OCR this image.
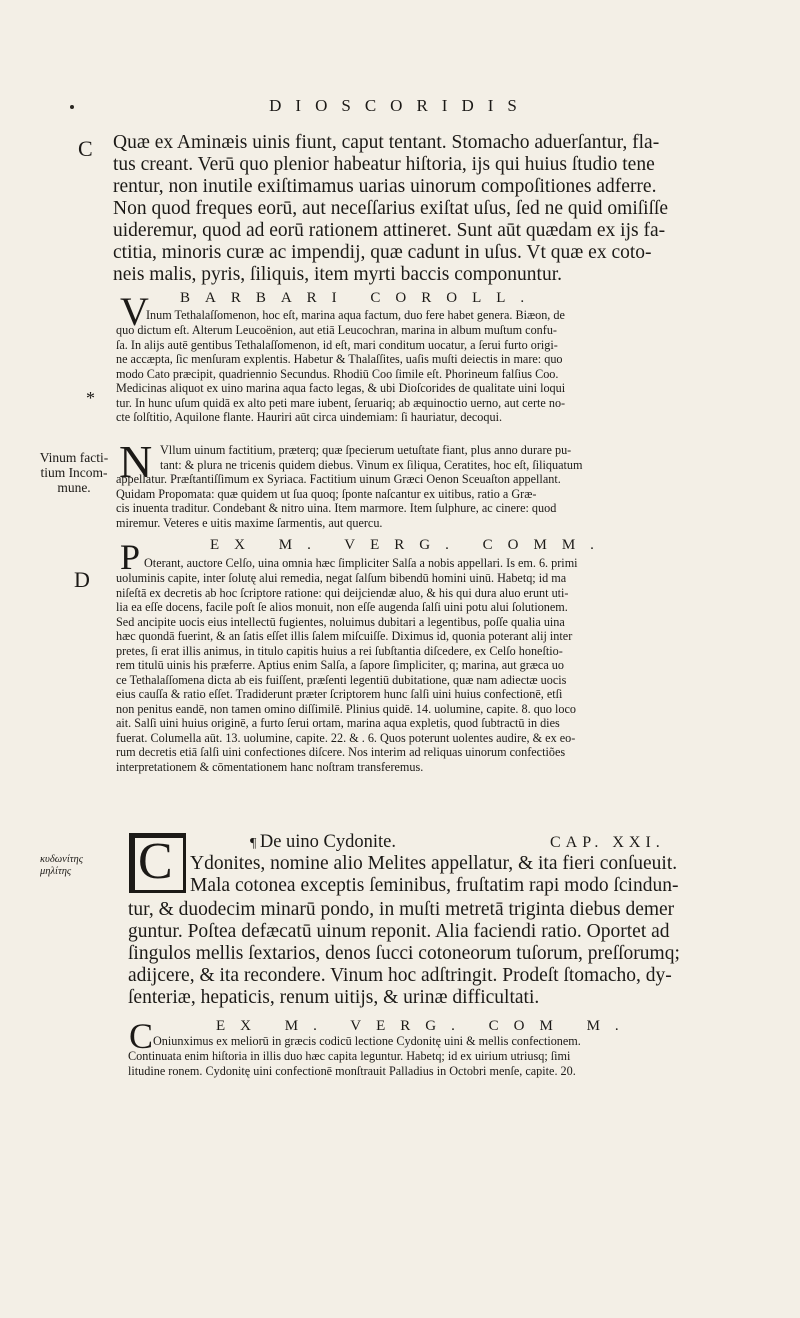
DIOSCORIDIS
C Quæ ex Aminæis uinis fiunt, caput tentant. Stomacho aduerſantur, fla-
tus creant. Verū quo plenior habeatur hiſtoria, ijs qui huius ſtudio tene
rentur, non inutile exiſtimamus uarias uinorum compoſitiones adferre.
Non quod freques eorū, aut neceſſarius exiſtat uſus, ſed ne quid omiſiſſe
uideremur, quod ad eorū rationem attineret. Sunt aūt quædam ex ijs fa-
ctitia, minoris curæ ac impendij, quæ cadunt in uſus. Vt quæ ex coto-
neis malis, pyris, ſiliquis, item myrti baccis componuntur.
V BARBARI COROLL.
Inum Tethalaſſomenon, hoc eſt, marina aqua factum, duo fere habet genera. Biæon, de
quo dictum eſt. Alterum Leucoënion, aut etiā Leucochran, marina in album muſtum confu-
ſa. In alijs autē gentibus Tethalaſſomenon, id eſt, mari conditum uocatur, a ſerui furto origi-
ne accæpta, ſic menſuram explentis. Habetur & Thalaſſites, uaſis muſti deiectis in mare: quo
modo Cato præcipit, quadriennio Secundus. Rhodiū Coo ſimile eſt. Phorineum falſius Coo.
Medicinas aliquot ex uino marina aqua facto legas, & ubi Dioſcorides de qualitate uini loqui
tur. In hunc uſum quidā ex alto peti mare iubent, ſeruariq; ab æquinoctio uerno, aut certe no-
cte ſolſtitio, Aquilone flante. Hauriri aūt circa uindemiam: ſi hauriatur, decoqui.
*
Vinum facti-
tium Incom-
mune.
N Vllum uinum factitium, præterq; quæ ſpecierum uetuſtate fiant, plus anno durare pu-
tant: & plura ne tricenis quidem diebus. Vinum ex ſiliqua, Ceratites, hoc eſt, ſiliquatum
appellatur. Præſtantiſſimum ex Syriaca. Factitium uinum Græci Oenon Sceuaſton appellant.
Quidam Propomata: quæ quidem ut ſua quoq; ſponte naſcantur ex uitibus, ratio a Græ-
cis inuenta traditur. Condebant & nitro uina. Item marmore. Item ſulphure, ac cinere: quod
miremur. Veteres e uitis maxime ſarmentis, aut quercu.
P	EX M. VERG. COMM.
Oterant, auctore Celſo, uina omnia hæc ſimpliciter Salſa a nobis appellari. Is em. 6. primi
D uoluminis capite, inter ſolutę alui remedia, negat ſalſum bibendū homini uinū. Habetq; id ma
niſeſtā ex decretis ab hoc ſcriptore ratione: qui deijciendæ aluo, & his qui dura aluo erunt uti-
lia ea eſſe docens, facile poſt ſe alios monuit, non eſſe augenda ſalſi uini potu alui ſolutionem.
Sed ancipite uocis eius intellectū fugientes, noluimus dubitari a legentibus, poſſe qualia uina
hæc quondā fuerint, & an ſatis eſſet illis ſalem miſcuiſſe. Diximus id, quonia poterant alij inter
pretes, ſi erat illis animus, in titulo capitis huius a rei ſubſtantia diſcedere, ex Celſo honeſtio-
rem titulū uinis his præferre. Aptius enim Salſa, a ſapore ſimpliciter, q; marina, aut græca uo
ce Tethalaſſomena dicta ab eis fuiſſent, præſenti legentiū dubitatione, quæ nam adiectæ uocis
eius cauſſa & ratio eſſet. Tradiderunt præter ſcriptorem hunc ſalſi uini huius confectionē, etſi
non penitus eandē, non tamen omino diſſimilē. Plinius quidē. 14. uolumine, capite. 8. quo loco
ait. Salſi uini huius originē, a furto ſerui ortam, marina aqua expletis, quod ſubtractū in dies
fuerat. Columella aūt. 13. uolumine, capite. 22. & . 6. Quos poterunt uolentes audire, & ex eo-
rum decretis etiā ſalſi uini confectiones diſcere. Nos interim ad reliquas uinorum confectiões
interpretationem & cōmentationem hanc noſtram transferemus.
C	¶ De uino Cydonite.	CAP. XXI.
Ydonites, nomine alio Melites appellatur, & ita fieri conſueuit.
Mala cotonea exceptis ſeminibus, fruſtatim rapi modo ſcindun-
tur, & duodecim minarū pondo, in muſti metretā triginta diebus demer
guntur. Poſtea defæcatū uinum reponit. Alia faciendi ratio. Oportet ad
ſingulos mellis ſextarios, denos ſucci cotoneorum tuſorum, preſſorumq;
adijcere, & ita recondere. Vinum hoc adſtringit. Prodeſt ſtomacho, dy-
ſenteriæ, hepaticis, renum uitijs, & urinæ difficultati.
κυδωνίτης
μηλίτης
C	EX M. VERG. COM M.
Oniunximus ex meliorū in græcis codicū lectione Cydonitę uini & mellis confectionem.
Continuata enim hiſtoria in illis duo hæc capita leguntur. Habetq; id ex uirium utriusq; ſimi
litudine ronem. Cydonitę uini confectionē monſtrauit Palladius in Octobri menſe, capite. 20.
